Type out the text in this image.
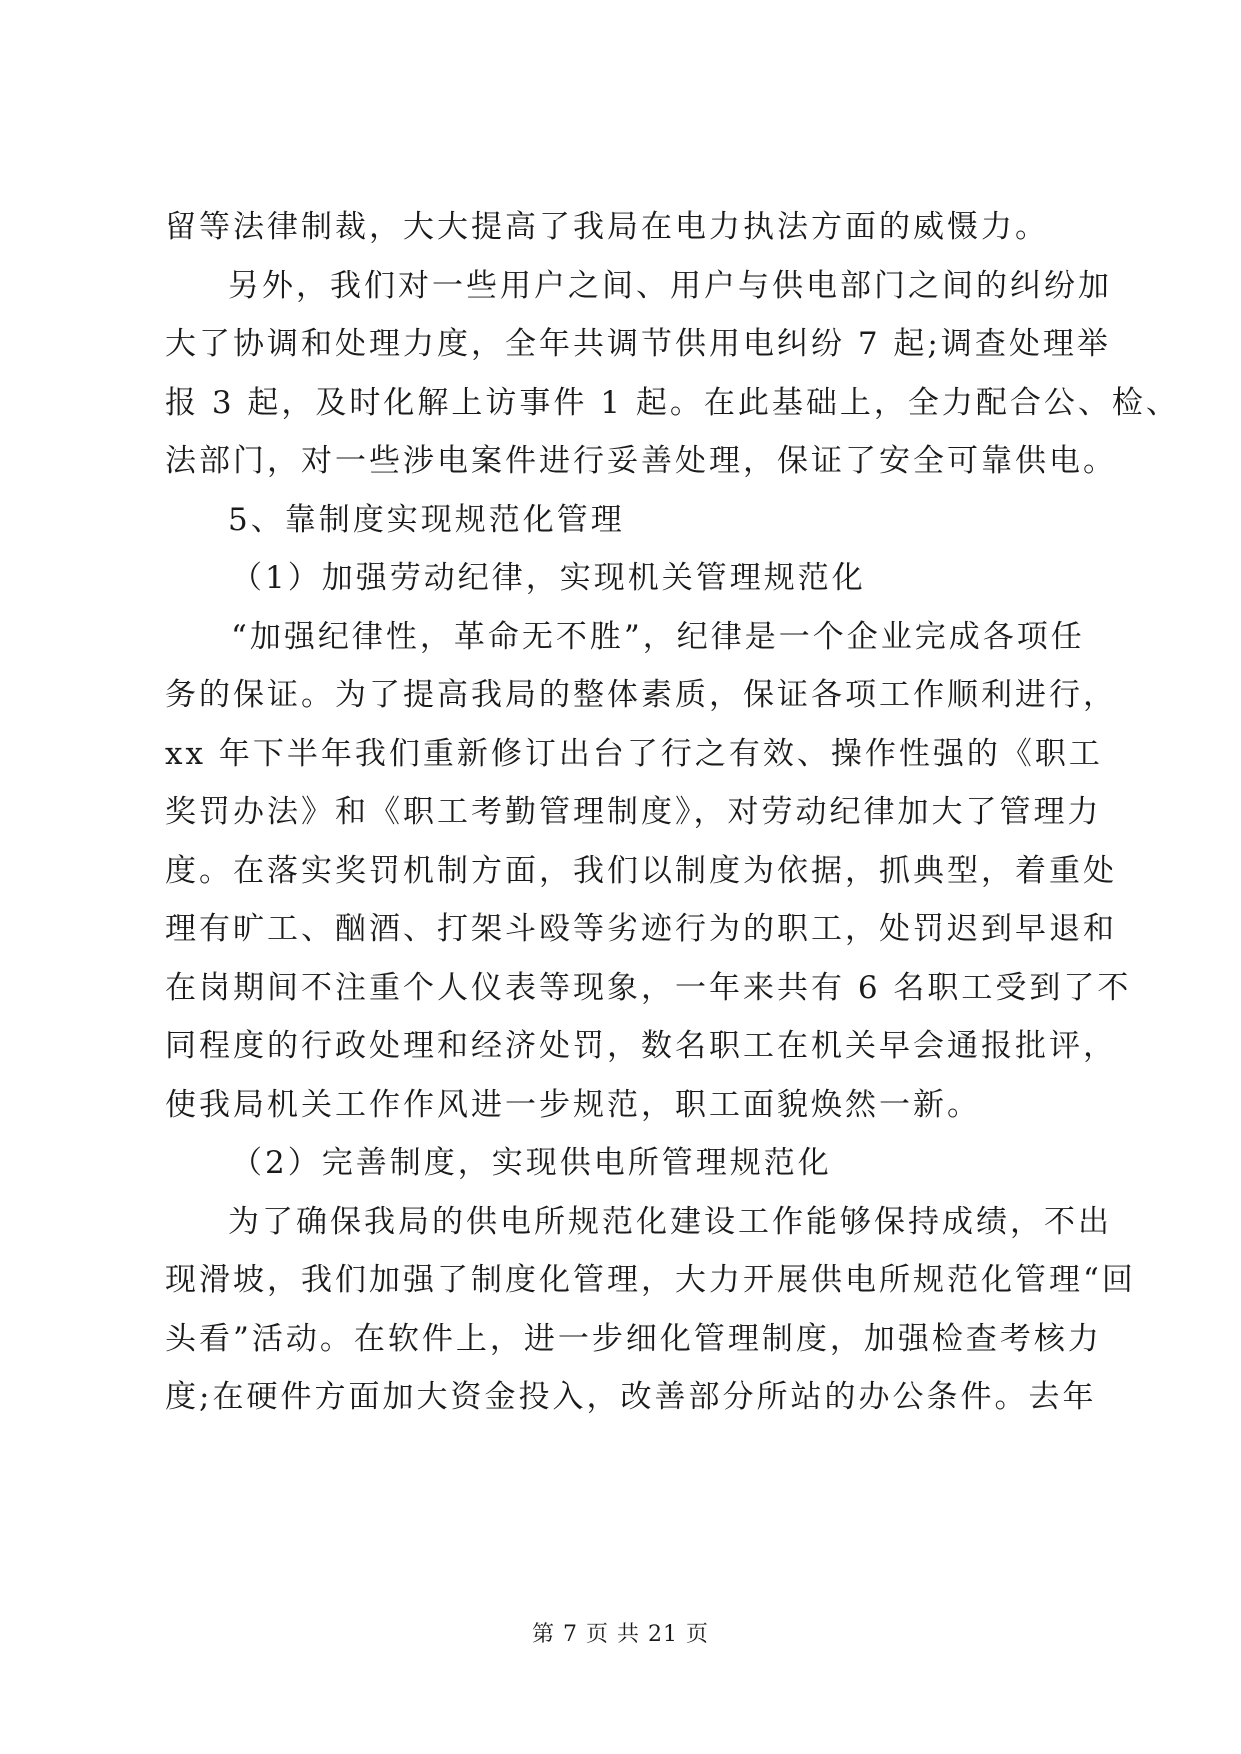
留等法律制裁，大大提高了我局在电力执法方面的威慑力。
另外，我们对一些用户之间、用户与供电部门之间的纠纷加
大了协调和处理力度，全年共调节供用电纠纷 7 起;调查处理举
报 3 起，及时化解上访事件 1 起。在此基础上，全力配合公、检、
法部门，对一些涉电案件进行妥善处理，保证了安全可靠供电。
5、靠制度实现规范化管理
（1）加强劳动纪律，实现机关管理规范化
“加强纪律性，革命无不胜”，纪律是一个企业完成各项任
务的保证。为了提高我局的整体素质，保证各项工作顺利进行，
xx 年下半年我们重新修订出台了行之有效、操作性强的《职工
奖罚办法》和《职工考勤管理制度》，对劳动纪律加大了管理力
度。在落实奖罚机制方面，我们以制度为依据，抓典型，着重处
理有旷工、酗酒、打架斗殴等劣迹行为的职工，处罚迟到早退和
在岗期间不注重个人仪表等现象，一年来共有 6 名职工受到了不
同程度的行政处理和经济处罚，数名职工在机关早会通报批评，
使我局机关工作作风进一步规范，职工面貌焕然一新。
（2）完善制度，实现供电所管理规范化
为了确保我局的供电所规范化建设工作能够保持成绩，不出
现滑坡，我们加强了制度化管理，大力开展供电所规范化管理“回
头看”活动。在软件上，进一步细化管理制度，加强检查考核力
度;在硬件方面加大资金投入，改善部分所站的办公条件。去年
第 7 页 共 21 页
